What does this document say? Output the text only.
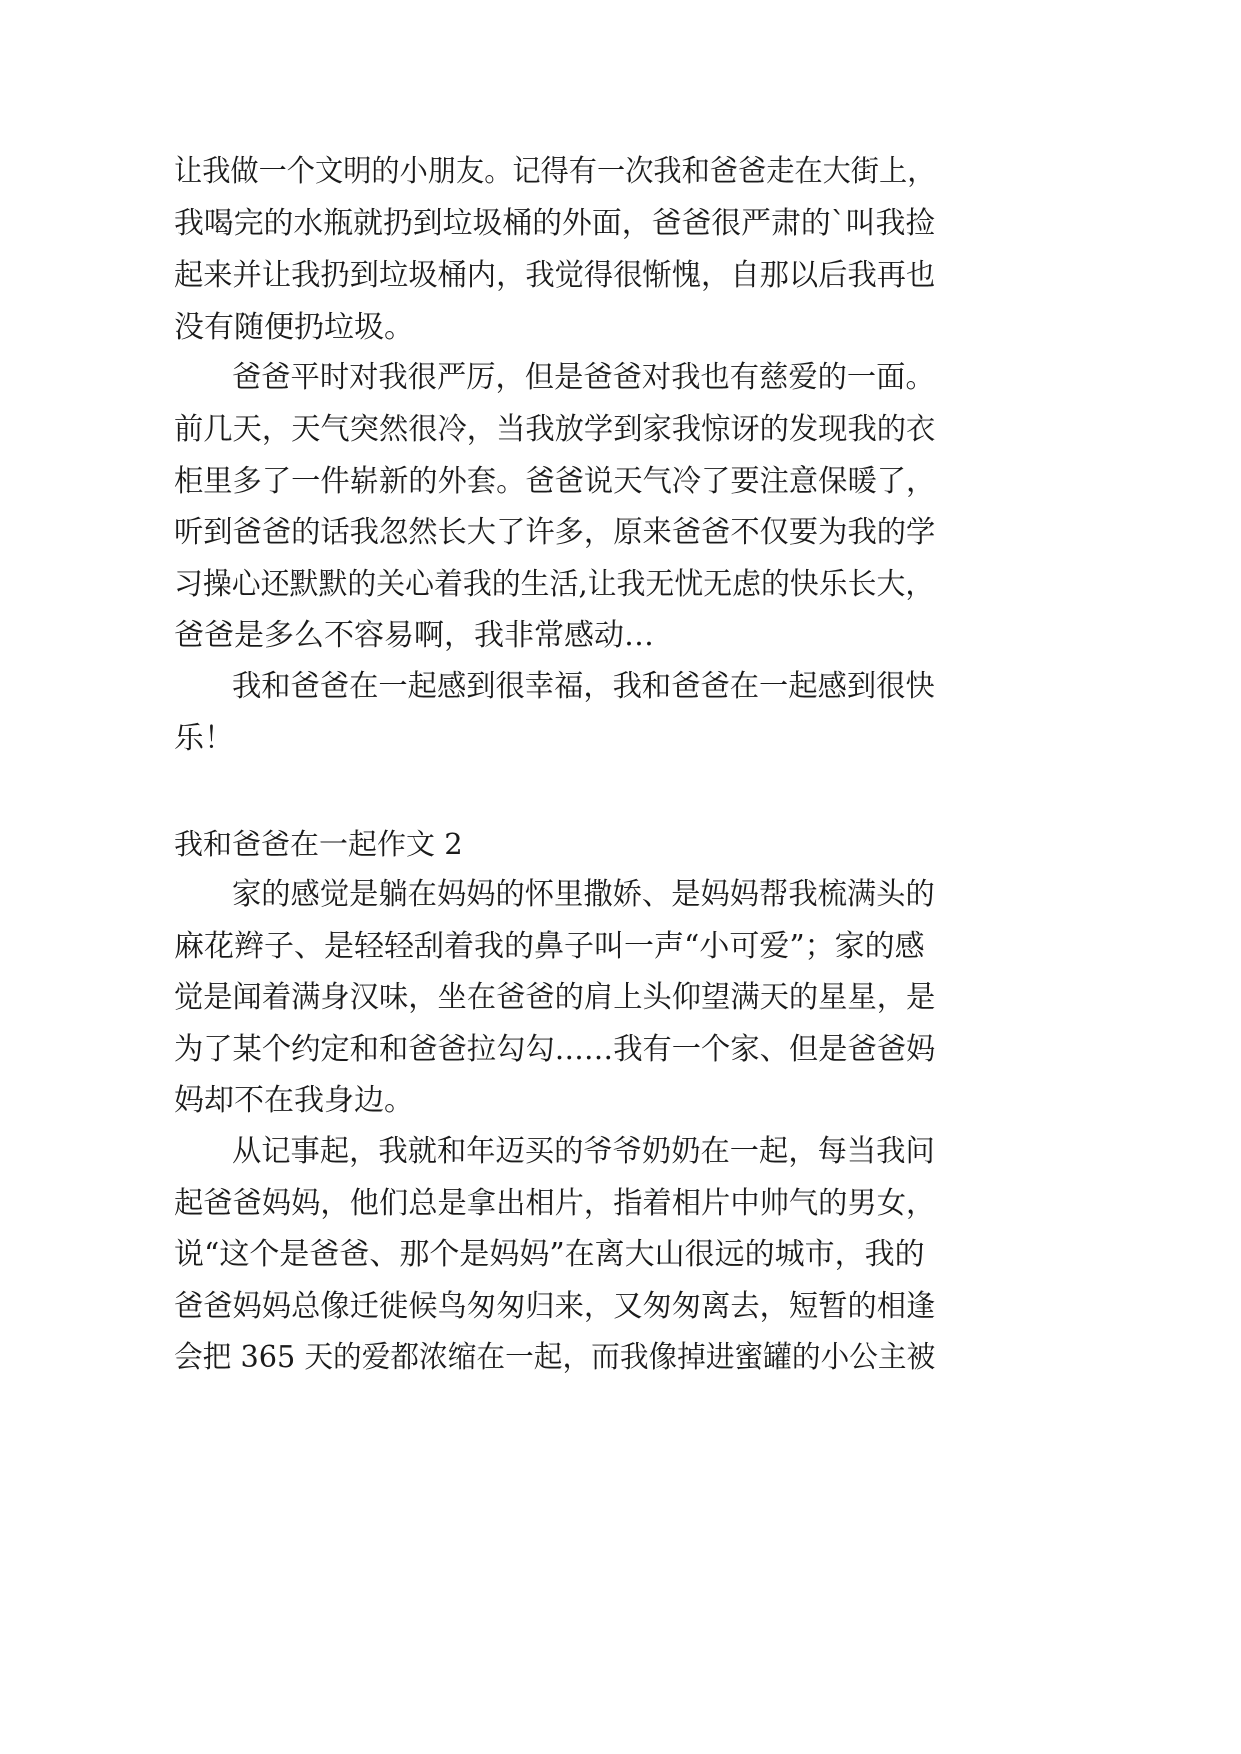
让我做一个文明的小朋友。记得有一次我和爸爸走在大街上，
我喝完的水瓶就扔到垃圾桶的外面，爸爸很严肃的`叫我捡
起来并让我扔到垃圾桶内，我觉得很惭愧，自那以后我再也
没有随便扔垃圾。
爸爸平时对我很严厉，但是爸爸对我也有慈爱的一面。
前几天，天气突然很冷，当我放学到家我惊讶的发现我的衣
柜里多了一件崭新的外套。爸爸说天气冷了要注意保暖了，
听到爸爸的话我忽然长大了许多，原来爸爸不仅要为我的学
习操心还默默的关心着我的生活,让我无忧无虑的快乐长大，
爸爸是多么不容易啊，我非常感动…
我和爸爸在一起感到很幸福，我和爸爸在一起感到很快
乐！
我和爸爸在一起作文 2
家的感觉是躺在妈妈的怀里撒娇、是妈妈帮我梳满头的
麻花辫子、是轻轻刮着我的鼻子叫一声“小可爱”；家的感
觉是闻着满身汉味，坐在爸爸的肩上头仰望满天的星星，是
为了某个约定和和爸爸拉勾勾……我有一个家、但是爸爸妈
妈却不在我身边。
从记事起，我就和年迈买的爷爷奶奶在一起，每当我问
起爸爸妈妈，他们总是拿出相片，指着相片中帅气的男女，
说“这个是爸爸、那个是妈妈”在离大山很远的城市，我的
爸爸妈妈总像迁徙候鸟匆匆归来，又匆匆离去，短暂的相逢
会把 365 天的爱都浓缩在一起，而我像掉进蜜罐的小公主被
